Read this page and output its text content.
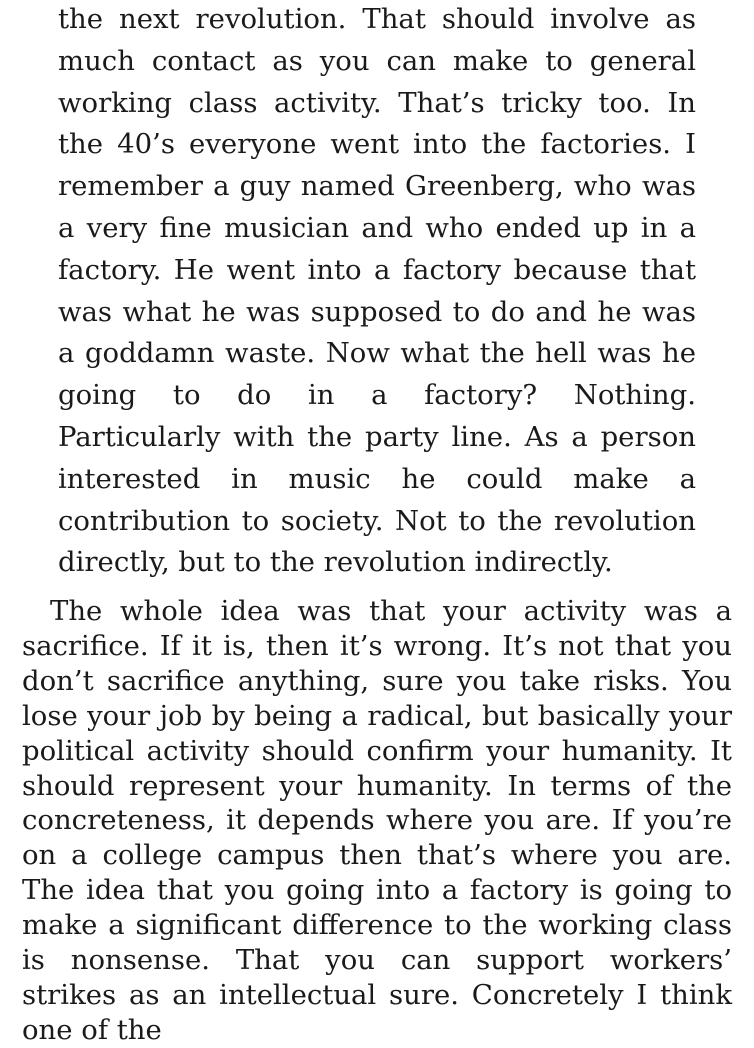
the next revolution. That should involve as much contact as you can make to general working class activity. That’s tricky too. In the 40’s everyone went into the factories. I remember a guy named Greenberg, who was a very fine musician and who ended up in a factory. He went into a factory because that was what he was supposed to do and he was a goddamn waste. Now what the hell was he going to do in a factory? Nothing. Particularly with the party line. As a person interested in music he could make a contribution to society. Not to the revolution directly, but to the revolution indirectly.

The whole idea was that your activity was a sacrifice. If it is, then it’s wrong. It’s not that you don’t sacrifice anything, sure you take risks. You lose your job by being a radical, but basically your political activity should confirm your humanity. It should represent your humanity. In terms of the concreteness, it depends where you are. If you’re on a college campus then that’s where you are. The idea that you going into a factory is going to make a significant difference to the working class is nonsense. That you can support workers’ strikes as an intellectual sure. Concretely I think one of the
